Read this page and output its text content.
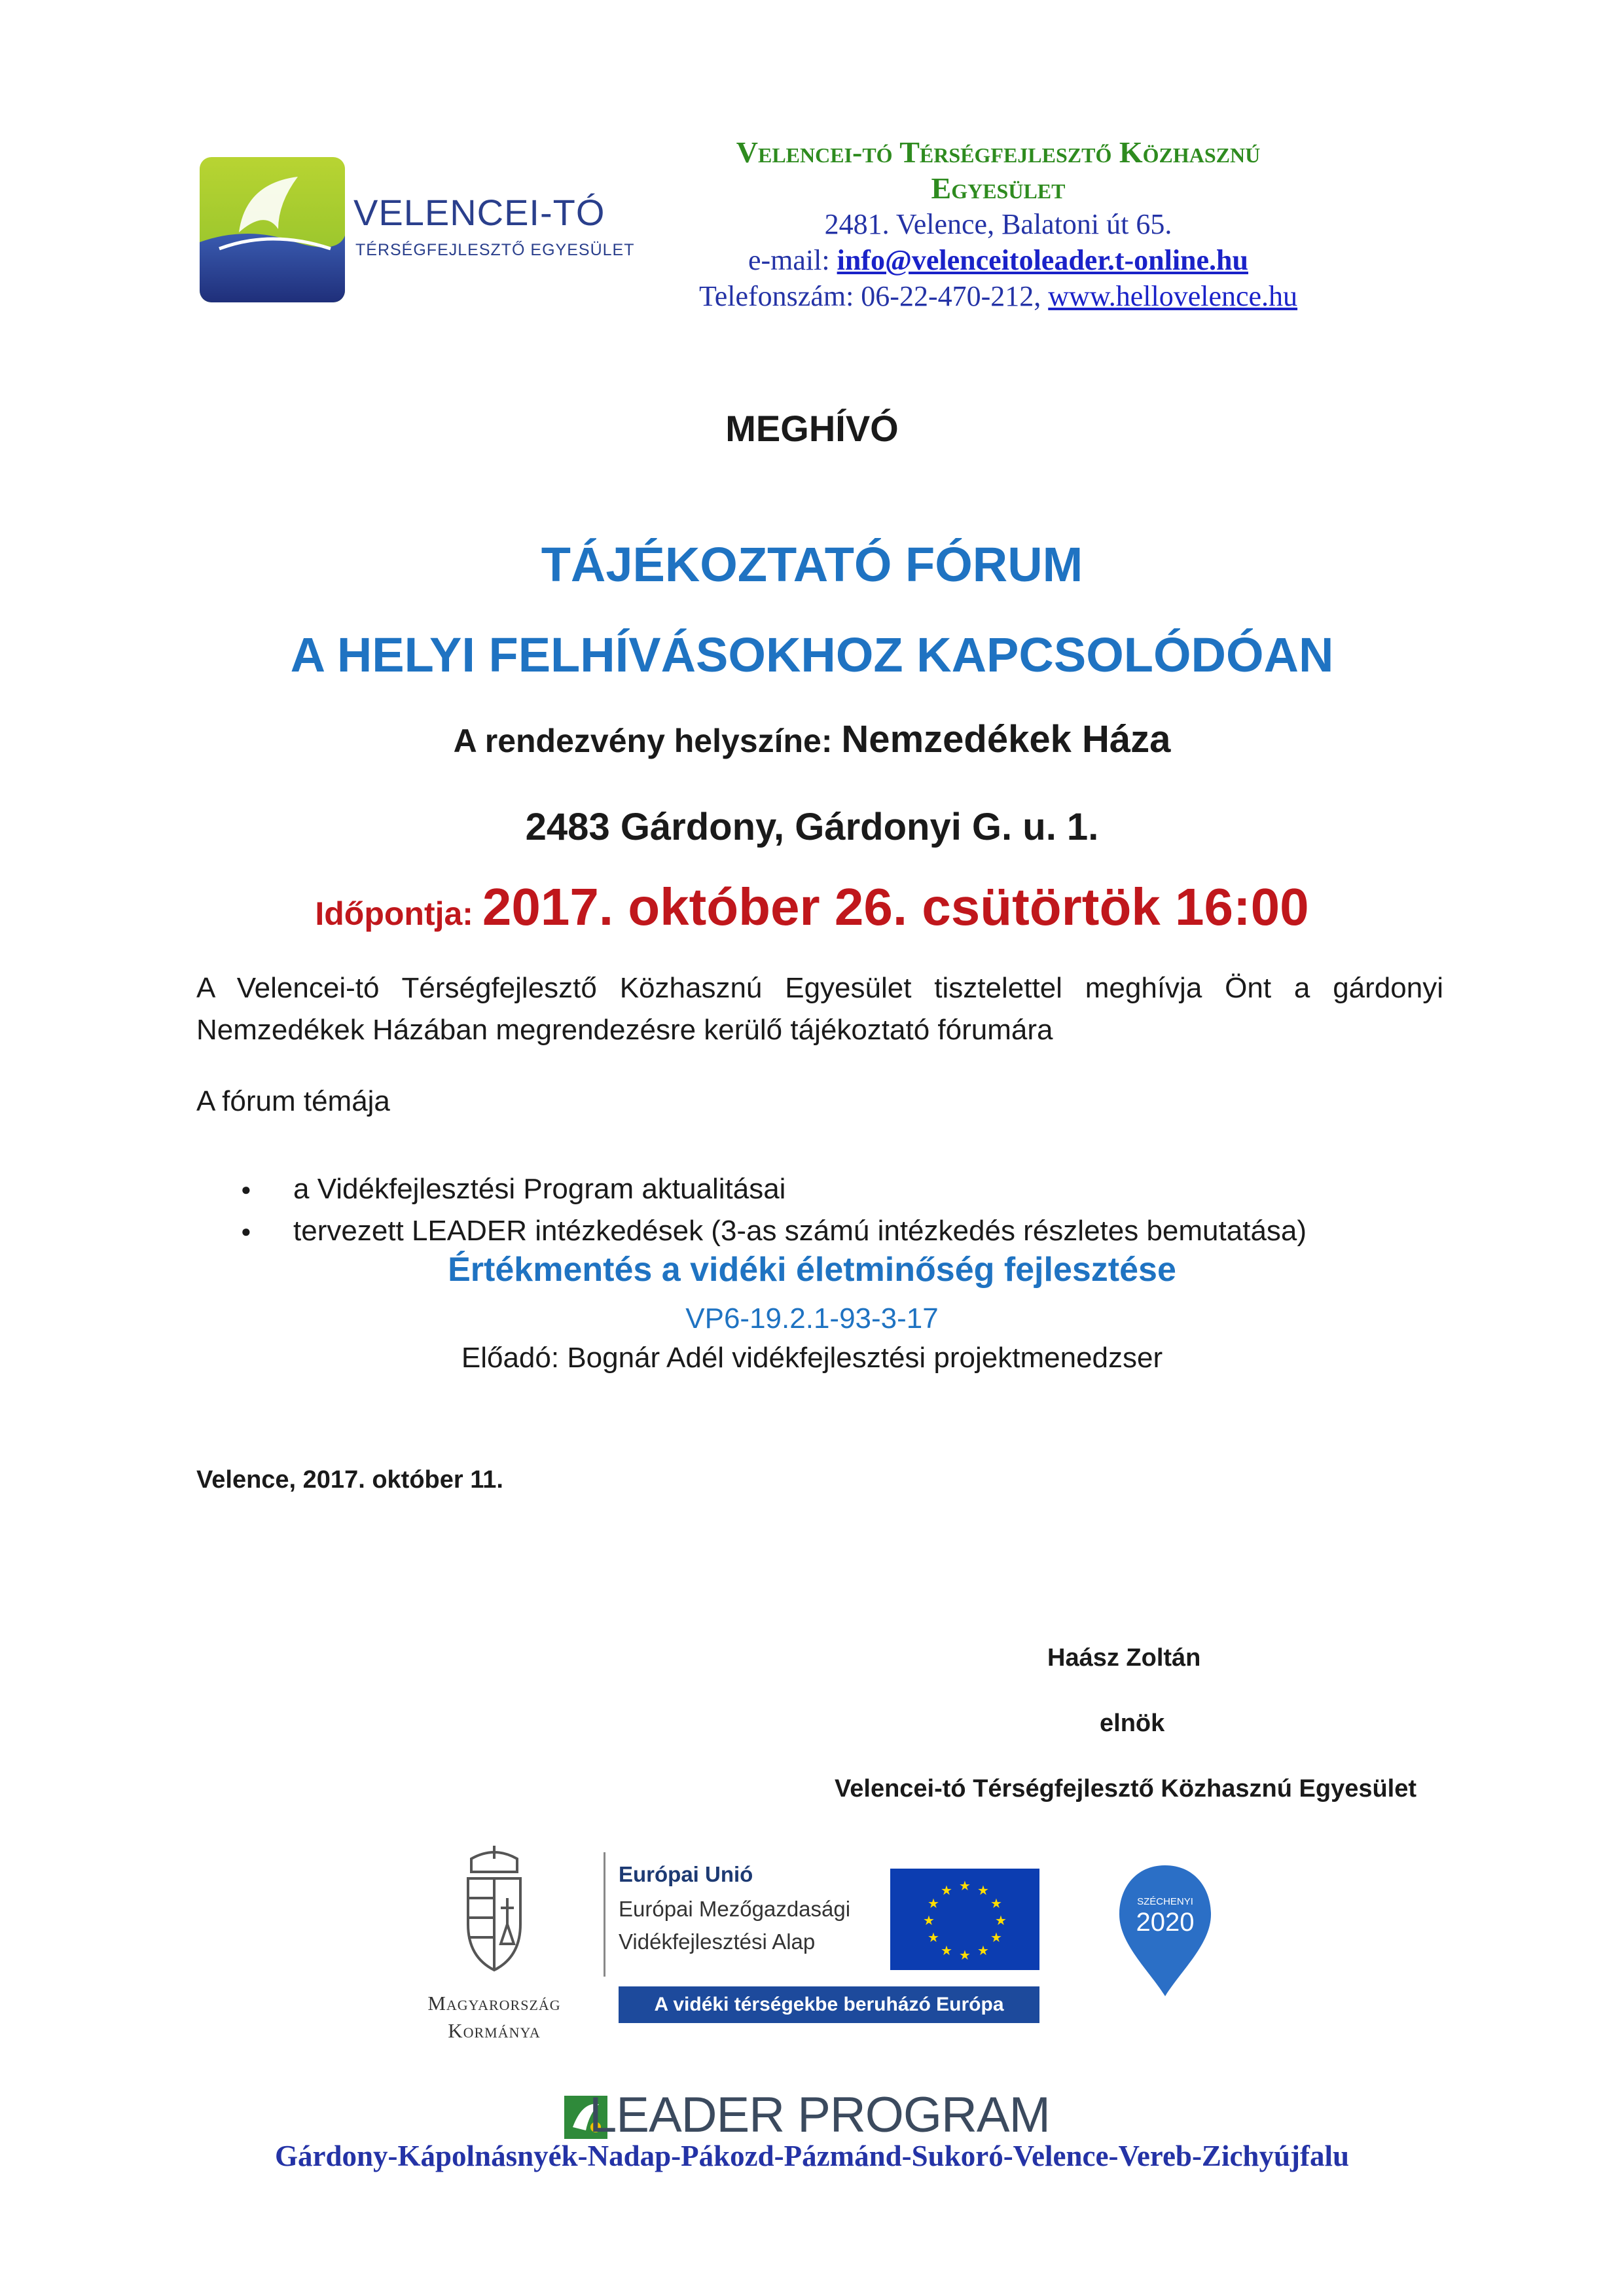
VELENCEI-TÓ
TÉRSÉGFEJLESZTŐ EGYESÜLET
Velencei-tó Térségfejlesztő Közhasznú
Egyesület
2481. Velence, Balatoni út 65.
e-mail: info@velenceitoleader.t-online.hu
Telefonszám: 06-22-470-212, www.hellovelence.hu
MEGHÍVÓ
TÁJÉKOZTATÓ FÓRUM
A HELYI FELHÍVÁSOKHOZ KAPCSOLÓDÓAN
A rendezvény helyszíne: Nemzedékek Háza
2483 Gárdony, Gárdonyi G. u. 1.
Időpontja: 2017. október 26. csütörtök 16:00
A Velencei-tó Térségfejlesztő Közhasznú Egyesület tisztelettel meghívja Önt a gárdonyi Nemzedékek Házában megrendezésre kerülő tájékoztató fórumára
A fórum témája
● a Vidékfejlesztési Program aktualitásai
● tervezett LEADER intézkedések (3-as számú intézkedés részletes bemutatása)
Értékmentés a vidéki életminőség fejlesztése
VP6-19.2.1-93-3-17
Előadó: Bognár Adél vidékfejlesztési projektmenedzser
Velence, 2017. október 11.
Haász Zoltán
elnök
Velencei-tó Térségfejlesztő Közhasznú Egyesület
Magyarország
Kormánya
Európai Unió
Európai Mezőgazdasági
Vidékfejlesztési Alap
★ ★
★
★
★
★
★
★
★
★
★
★
A vidéki térségekbe beruházó Európa
SZÉCHENYI
2020
LEADER PROGRAM
Gárdony-Kápolnásnyék-Nadap-Pákozd-Pázmánd-Sukoró-Velence-Vereb-Zichyújfalu
